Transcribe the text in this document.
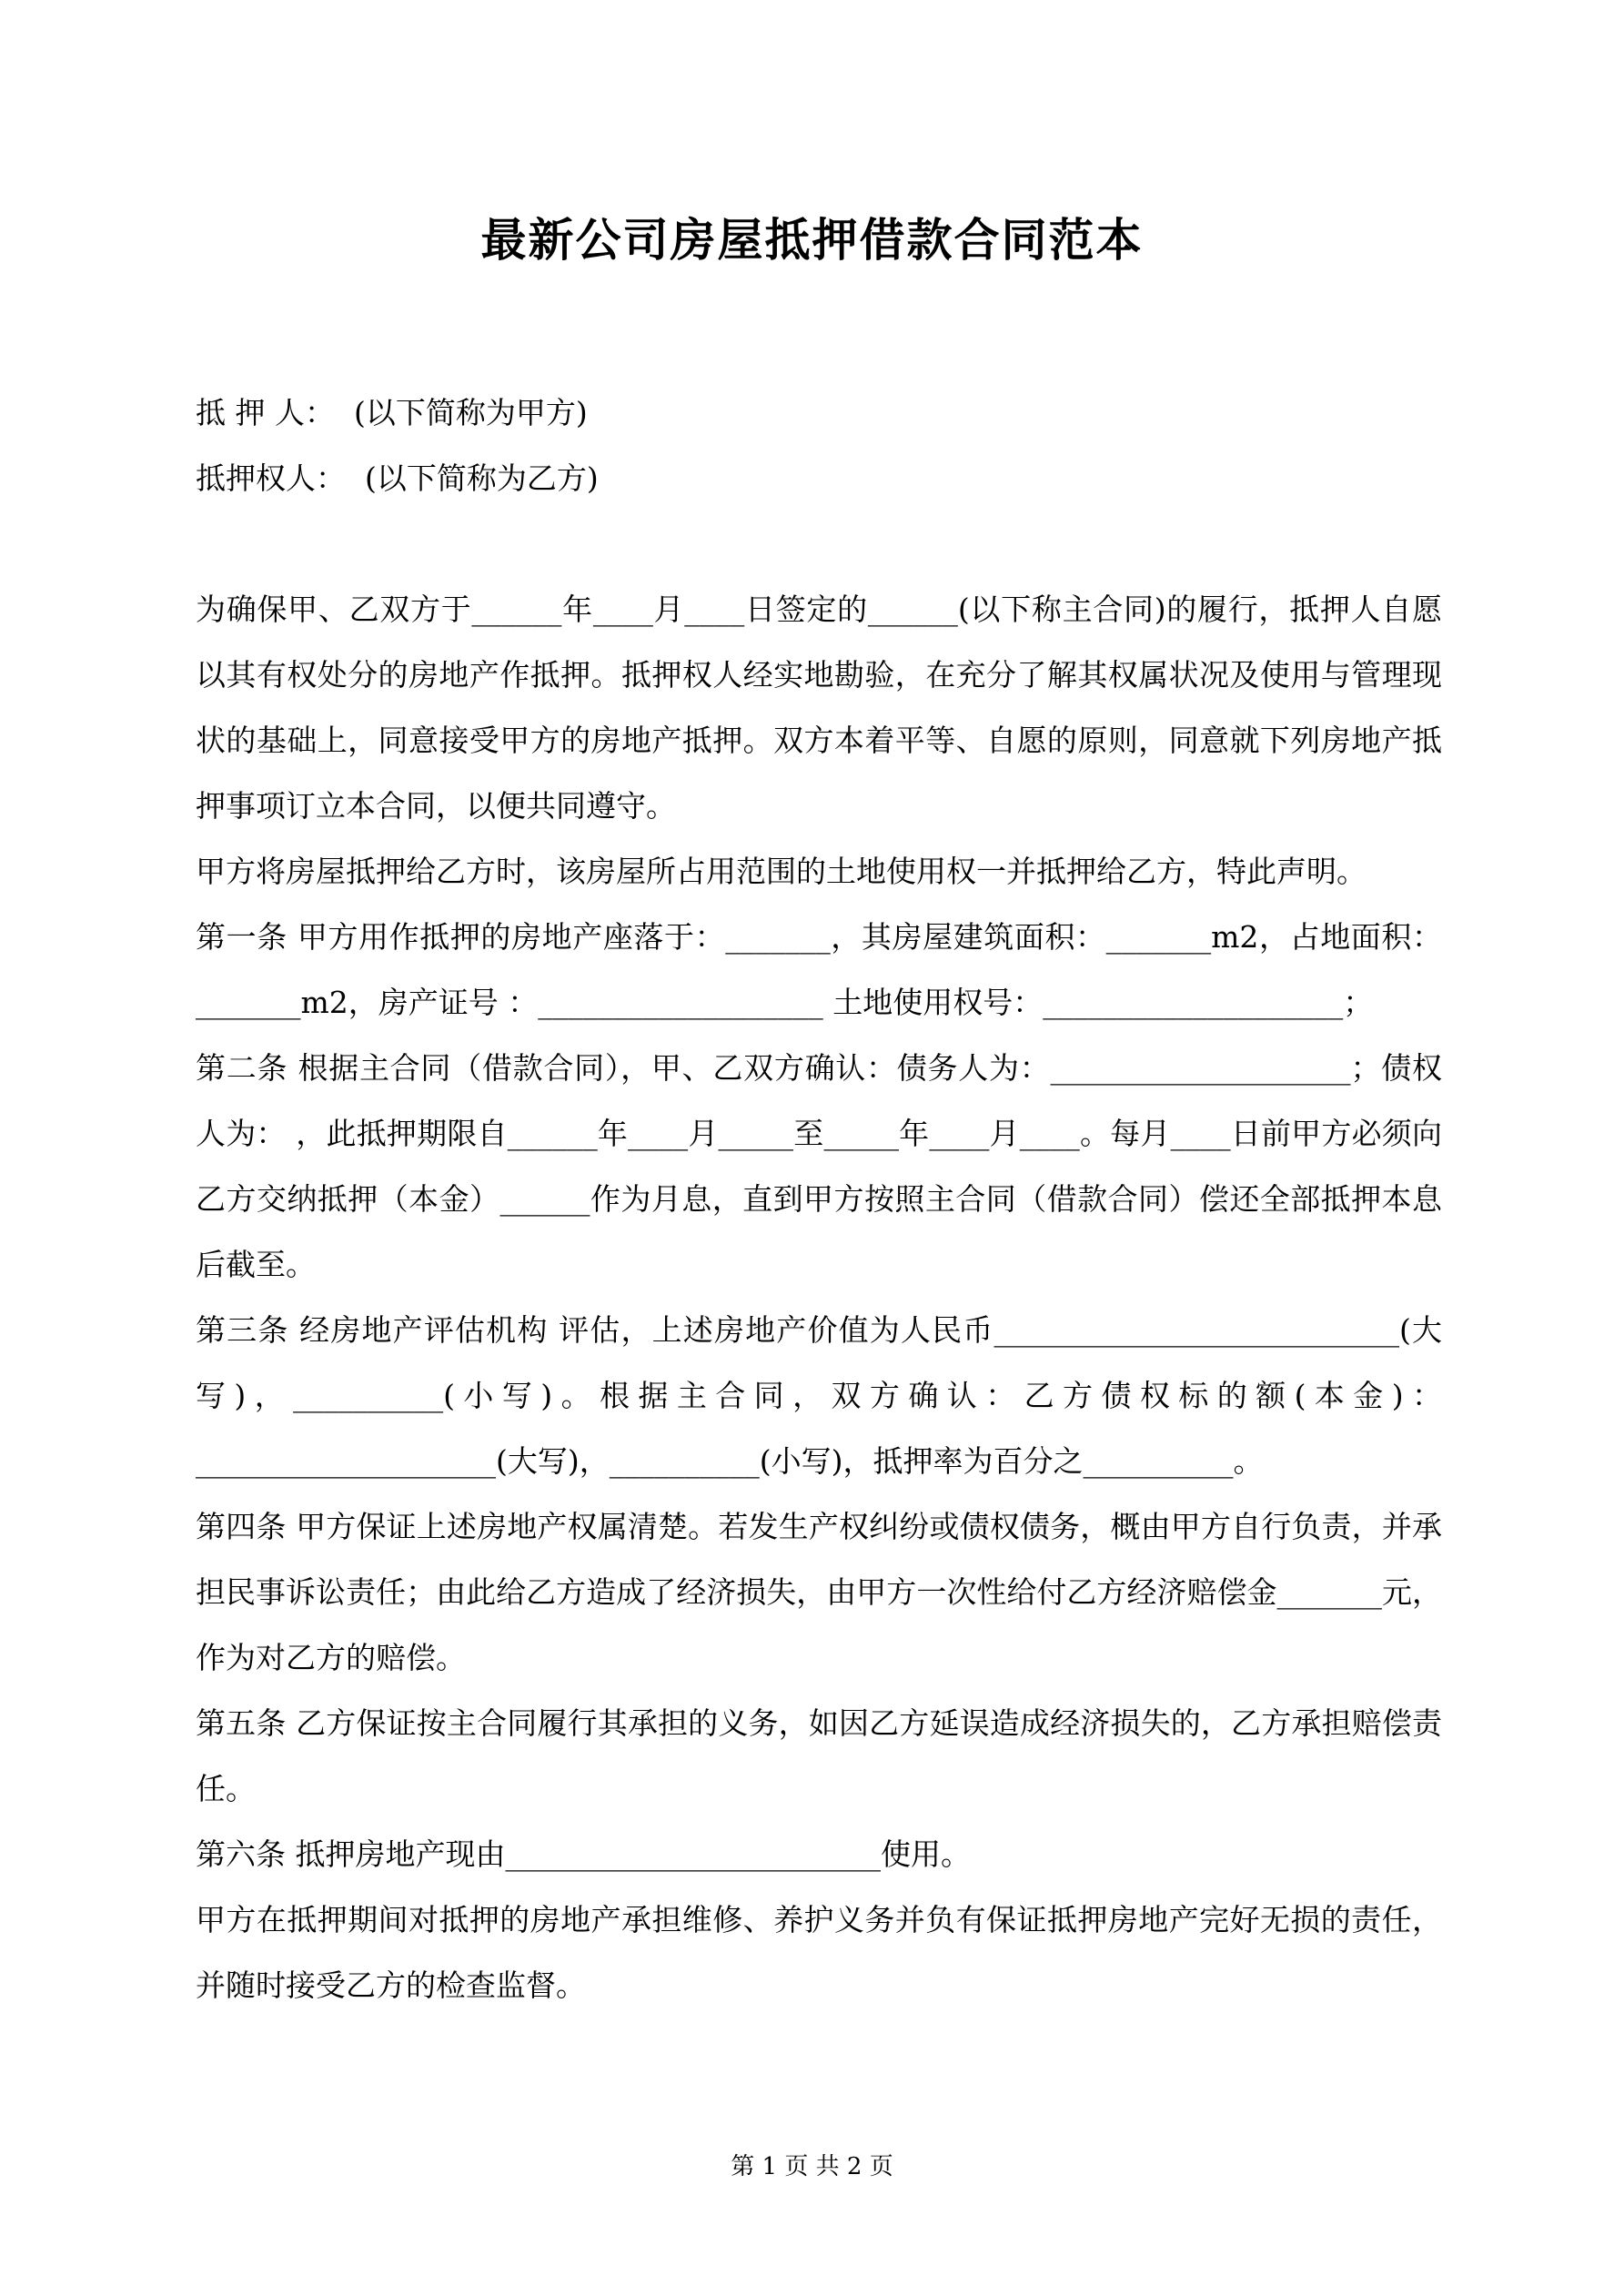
最新公司房屋抵押借款合同范本

抵 押 人：  (以下简称为甲方)

抵押权人：  (以下简称为乙方)

为确保甲、乙双方于______年____月____日签定的______(以下称主合同)的履行，抵押人自愿以其有权处分的房地产作抵押。抵押权人经实地勘验，在充分了解其权属状况及使用与管理现状的基础上，同意接受甲方的房地产抵押。双方本着平等、自愿的原则，同意就下列房地产抵押事项订立本合同，以便共同遵守。

甲方将房屋抵押给乙方时，该房屋所占用范围的土地使用权一并抵押给乙方，特此声明。

第一条 甲方用作抵押的房地产座落于：_______，其房屋建筑面积：_______m2，占地面积：_______m2，房产证号 ：___________________ 土地使用权号：____________________；

第二条 根据主合同（借款合同），甲、乙双方确认：债务人为：____________________；债权人为： ，此抵押期限自______年____月_____至_____年____月____。每月____日前甲方必须向乙方交纳抵押（本金）______作为月息，直到甲方按照主合同（借款合同）偿还全部抵押本息后截至。

第三条 经房地产评估机构 评估，上述房地产价值为人民币___________________________(大写)，__________(小写)。根据主合同，双方确认：乙方债权标的额(本金)：____________________(大写)，__________(小写)，抵押率为百分之__________。

第四条 甲方保证上述房地产权属清楚。若发生产权纠纷或债权债务，概由甲方自行负责，并承担民事诉讼责任；由此给乙方造成了经济损失，由甲方一次性给付乙方经济赔偿金_______元，作为对乙方的赔偿。

第五条 乙方保证按主合同履行其承担的义务，如因乙方延误造成经济损失的，乙方承担赔偿责任。

第六条 抵押房地产现由_________________________使用。

甲方在抵押期间对抵押的房地产承担维修、养护义务并负有保证抵押房地产完好无损的责任，并随时接受乙方的检查监督。

第 1 页 共 2 页
